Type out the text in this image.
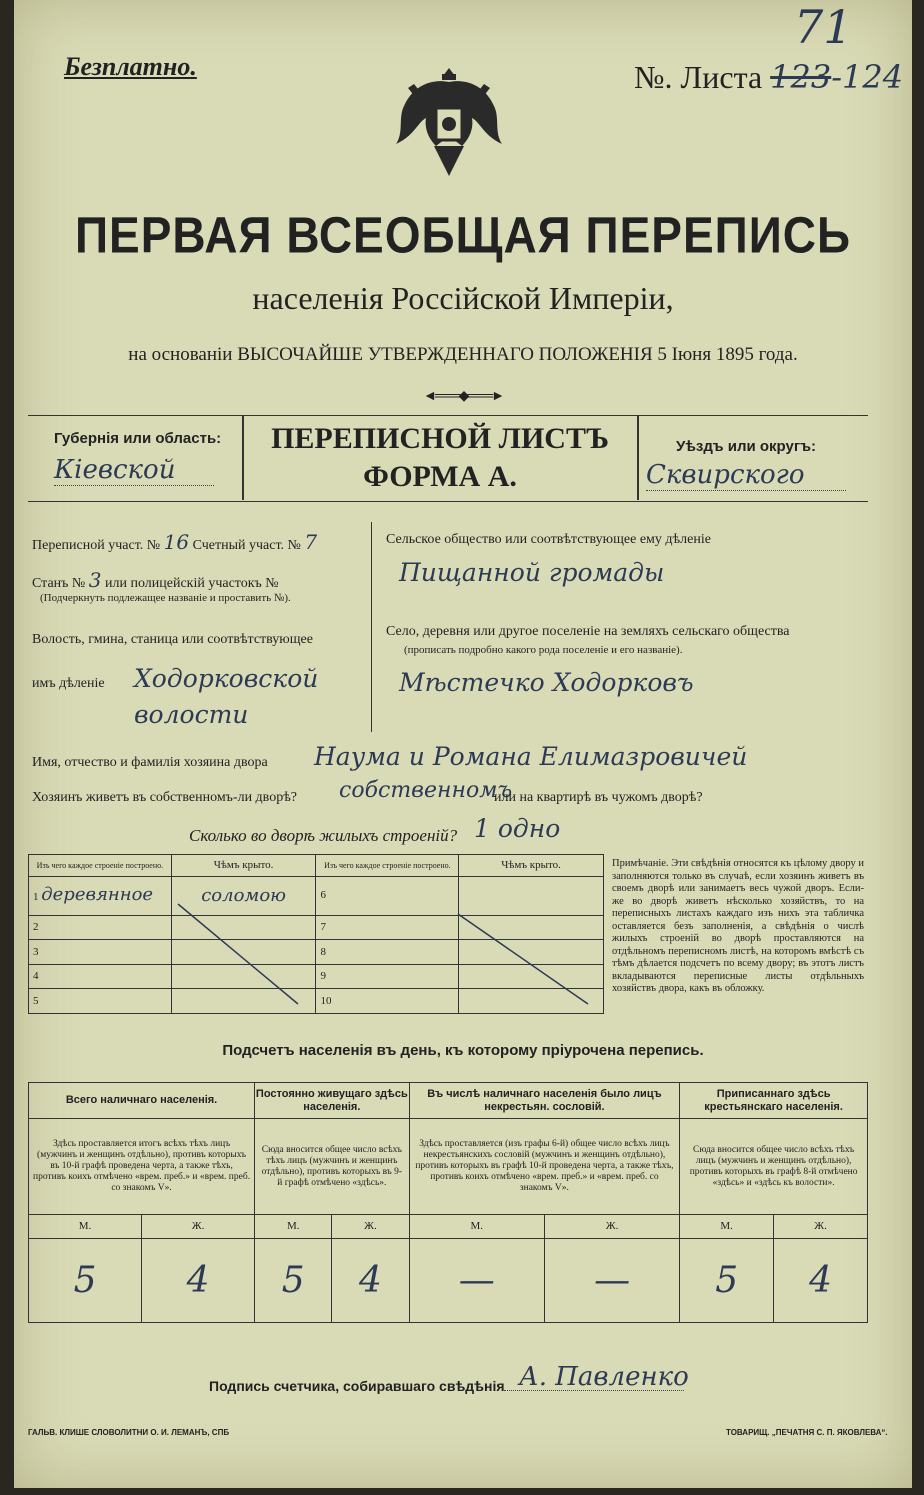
Безплатно.	№. Листа 123-124
71
ПЕРВАЯ ВСЕОБЩАЯ ПЕРЕПИСЬ
населенія Россійской Имперіи,
на основаніи ВЫСОЧАЙШЕ УТВЕРЖДЕННАГО ПОЛОЖЕНІЯ 5 Іюня 1895 года.
◄═══◆═══►
Губернія или область:
Кiевской
ПЕРЕПИСНОЙ ЛИСТЪ
ФОРМА А.
Уѣздъ или округъ:
Сквирского
Переписной участ. № 16 Счетный участ. № 7
Станъ № 3 или полицейскій участокъ №
(Подчеркнуть подлежащее названіе и проставить №).
Волость, гмина, станица или соотвѣтствующее
имъ дѣленіе Ходорковской
волости
Сельское общество или соотвѣтствующее ему дѣленіе
Пищанной громады
Село, деревня или другое поселеніе на земляхъ сельскаго общества
(прописать подробно какого рода поселеніе и его названіе).
Мѣстечко Ходорковъ
Имя, отчество и фамилія хозяина двора Наума и Романа Елимазровичей
Хозяинъ живетъ въ собственномъ-ли дворѣ? собственномъ
или на квартирѣ въ чужомъ дворѣ?
Сколько во дворѣ жилыхъ строеній? 1 одно
Изъ чего каждое строеніе построено.	Чѣмъ крыто.	Изъ чего каждое строеніе построено.	Чѣмъ крыто.
1 деревянное	соломою	6	
2		7	
3		8	
4		9	
5		10	
Примѣчаніе. Эти свѣдѣнія относятся къ цѣлому двору и заполняются только въ случаѣ, если хозяинъ живетъ въ своемъ дворѣ или занимаетъ весь чужой дворъ. Если-же во дворѣ живетъ нѣсколько хозяйствъ, то на переписныхъ листахъ каждаго изъ нихъ эта табличка оставляется безъ заполненія, а свѣдѣнія о числѣ жилыхъ строеній во дворѣ проставляются на отдѣльномъ переписномъ листѣ, на которомъ вмѣстѣ съ тѣмъ дѣлается подсчетъ по всему двору; въ этотъ листъ вкладываются переписные листы отдѣльныхъ хозяйствъ двора, какъ въ обложку.
Подсчетъ населенія въ день, къ которому пріурочена перепись.
Всего наличнаго населенія.		Постоянно живущаго здѣсь населенія.		Въ числѣ наличнаго населенія было лицъ некрестьян. сословій.		Приписаннаго здѣсь крестьянскаго населенія.	
Здѣсь проставляется итогъ всѣхъ тѣхъ лицъ (мужчинъ и женщинъ отдѣльно), противъ которыхъ въ 10-й графѣ проведена черта, а также тѣхъ, противъ коихъ отмѣчено «врем. преб.» и «врем. преб. со знакомъ V».		Сюда вносится общее число всѣхъ тѣхъ лицъ (мужчинъ и женщинъ отдѣльно), противъ которыхъ въ 9-й графѣ отмѣчено «здѣсь».		Здѣсь проставляется (изъ графы 6-й) общее число всѣхъ лицъ некрестьянскихъ сословій (мужчинъ и женщинъ отдѣльно), противъ которыхъ въ графѣ 10-й проведена черта, а также тѣхъ, противъ коихъ отмѣчено «врем. преб.» и «врем. преб. со знакомъ V».		Сюда вносится общее число всѣхъ тѣхъ лицъ (мужчинъ и женщинъ отдѣльно), противъ которыхъ въ графѣ 8-й отмѣчено «здѣсь» и «здѣсь къ волости».	
М.	Ж.	М.	Ж.	М.	Ж.	М.	Ж.
5	4	5	4	—	—	5	4
Подпись счетчика, собиравшаго свѣдѣнія А. Павленко
ГАЛЬВ. КЛИШЕ СЛОВОЛИТНИ О. И. ЛЕМАНЪ, СПБ	ТОВАРИЩ. „ПЕЧАТНЯ С. П. ЯКОВЛЕВА“.
